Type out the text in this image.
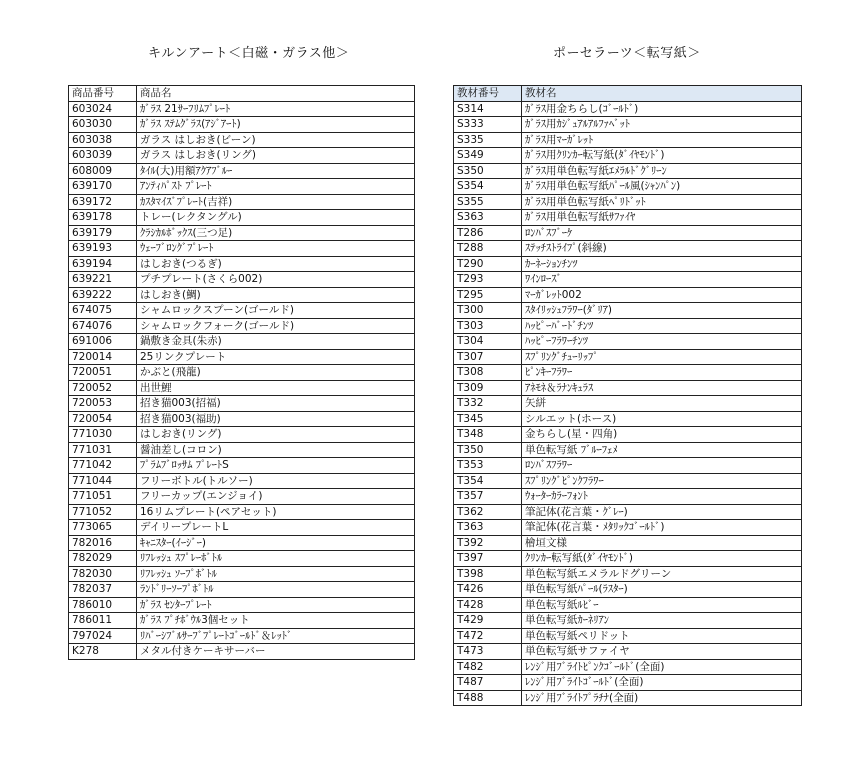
キルンアート＜白磁・ガラス他＞	ポーセラーツ＜転写紙＞
商品番号	商品名
603024	ｶﾞﾗｽ 21ｻｰﾌﾘﾑﾌﾟﾚｰﾄ
603030	ｶﾞﾗｽ ｽﾃﾑｸﾞﾗｽ(ｱｼﾞｱｰﾄ)
603038	ガラス はしおき(ビーン)
603039	ガラス はしおき(リング)
608009	ﾀｲﾙ(大)用額ｱｸｱﾌﾞﾙｰ
639170	ｱﾝﾃｨﾊﾟｽﾄ ﾌﾟﾚｰﾄ
639172	ｶｽﾀﾏｲｽﾞﾌﾟﾚｰﾄ(吉祥)
639178	トレー(レクタングル)
639179	ｸﾗｼｶﾙﾎﾞｯｸｽ(三つ足)
639193	ｳｪｰﾌﾞﾛﾝｸﾞﾌﾟﾚｰﾄ
639194	はしおき(つるぎ)
639221	プチプレート(さくら002)
639222	はしおき(鯛)
674075	シャムロックスプーン(ゴールド)
674076	シャムロックフォーク(ゴールド)
691006	鍋敷き金具(朱赤)
720014	25リンクプレート
720051	かぶと(飛龍)
720052	出世鯉
720053	招き猫003(招福)
720054	招き猫003(福助)
771030	はしおき(リング)
771031	醤油差し(コロン)
771042	ﾌﾟﾗﾑﾌﾞﾛｯｻﾑ ﾌﾟﾚｰﾄS
771044	フリーボトル(トルソー)
771051	フリーカップ(エンジョイ)
771052	16リムプレート(ペアセット)
773065	デイリープレートL
782016	ｷｬﾆｽﾀｰ(ｲｰｼﾞｰ)
782029	ﾘﾌﾚｯｼｭ ｽﾌﾟﾚｰﾎﾞﾄﾙ
782030	ﾘﾌﾚｯｼｭ ｿｰﾌﾟﾎﾞﾄﾙ
782037	ﾗﾝﾄﾞﾘｰｿｰﾌﾟﾎﾞﾄﾙ
786010	ｶﾞﾗｽ ｾﾝﾀｰﾌﾟﾚｰﾄ
786011	ｶﾞﾗｽ ﾌﾟﾁﾎﾞｳﾙ3個セット
797024	ﾘﾊﾞｰｼﾌﾞﾙｻｰﾌﾞﾌﾟﾚｰﾄｺﾞｰﾙﾄﾞ＆ﾚｯﾄﾞ
K278	メタル付きケーキサーバー
教材番号	教材名
S314	ｶﾞﾗｽ用金ちらし(ｺﾞｰﾙﾄﾞ)
S333	ｶﾞﾗｽ用ｶｼﾞｭｱﾙｱﾙﾌｧﾍﾞｯﾄ
S335	ｶﾞﾗｽ用ﾏｰｶﾞﾚｯﾄ
S349	ｶﾞﾗｽ用ｸﾘﾝｶｰ転写紙(ﾀﾞｲﾔﾓﾝﾄﾞ)
S350	ｶﾞﾗｽ用単色転写紙ｴﾒﾗﾙﾄﾞｸﾞﾘｰﾝ
S354	ｶﾞﾗｽ用単色転写紙ﾊﾟｰﾙ風(ｼｬﾝﾊﾟﾝ)
S355	ｶﾞﾗｽ用単色転写紙ﾍﾟﾘﾄﾞｯﾄ
S363	ｶﾞﾗｽ用単色転写紙ｻﾌｧｲﾔ
T286	ﾛﾝﾊﾞｽﾌﾞｰｹ
T288	ｽﾃｯﾁｽﾄﾗｲﾌﾟ(斜線)
T290	ｶｰﾈｰｼｮﾝﾁﾝﾂ
T293	ﾜｲﾝﾛｰｽﾞ
T295	ﾏｰｶﾞﾚｯﾄ002
T300	ｽﾀｲﾘｯｼｭﾌﾗﾜｰ(ﾀﾞﾘｱ)
T303	ﾊｯﾋﾟｰﾊﾞｰﾄﾞﾁﾝﾂ
T304	ﾊｯﾋﾟｰﾌﾗﾜｰﾁﾝﾂ
T307	ｽﾌﾟﾘﾝｸﾞﾁｭｰﾘｯﾌﾟ
T308	ﾋﾟﾝｷｰﾌﾗﾜｰ
T309	ｱﾈﾓﾈ＆ﾗﾅﾝｷｭﾗｽ
T332	矢絣
T345	シルエット(ホース)
T348	金ちらし(星・四角)
T350	単色転写紙 ﾌﾞﾙｰﾌｪﾒ
T353	ﾛﾝﾊﾞｽﾌﾗﾜｰ
T354	ｽﾌﾟﾘﾝｸﾞﾋﾟﾝｸﾌﾗﾜｰ
T357	ｳｫｰﾀｰｶﾗｰﾌｫﾝﾄ
T362	筆記体(花言葉・ｸﾞﾚｰ)
T363	筆記体(花言葉・ﾒﾀﾘｯｸｺﾞｰﾙﾄﾞ)
T392	檜垣文様
T397	ｸﾘﾝｶｰ転写紙(ﾀﾞｲﾔﾓﾝﾄﾞ)
T398	単色転写紙エメラルドグリーン
T426	単色転写紙ﾊﾟｰﾙ(ﾗｽﾀｰ)
T428	単色転写紙ﾙﾋﾞｰ
T429	単色転写紙ｶｰﾈﾘｱﾝ
T472	単色転写紙ペリドット
T473	単色転写紙サファイヤ
T482	ﾚﾝｼﾞ用ﾌﾞﾗｲﾄﾋﾟﾝｸｺﾞｰﾙﾄﾞ(全面)
T487	ﾚﾝｼﾞ用ﾌﾞﾗｲﾄｺﾞｰﾙﾄﾞ(全面)
T488	ﾚﾝｼﾞ用ﾌﾞﾗｲﾄﾌﾟﾗﾁﾅ(全面)
